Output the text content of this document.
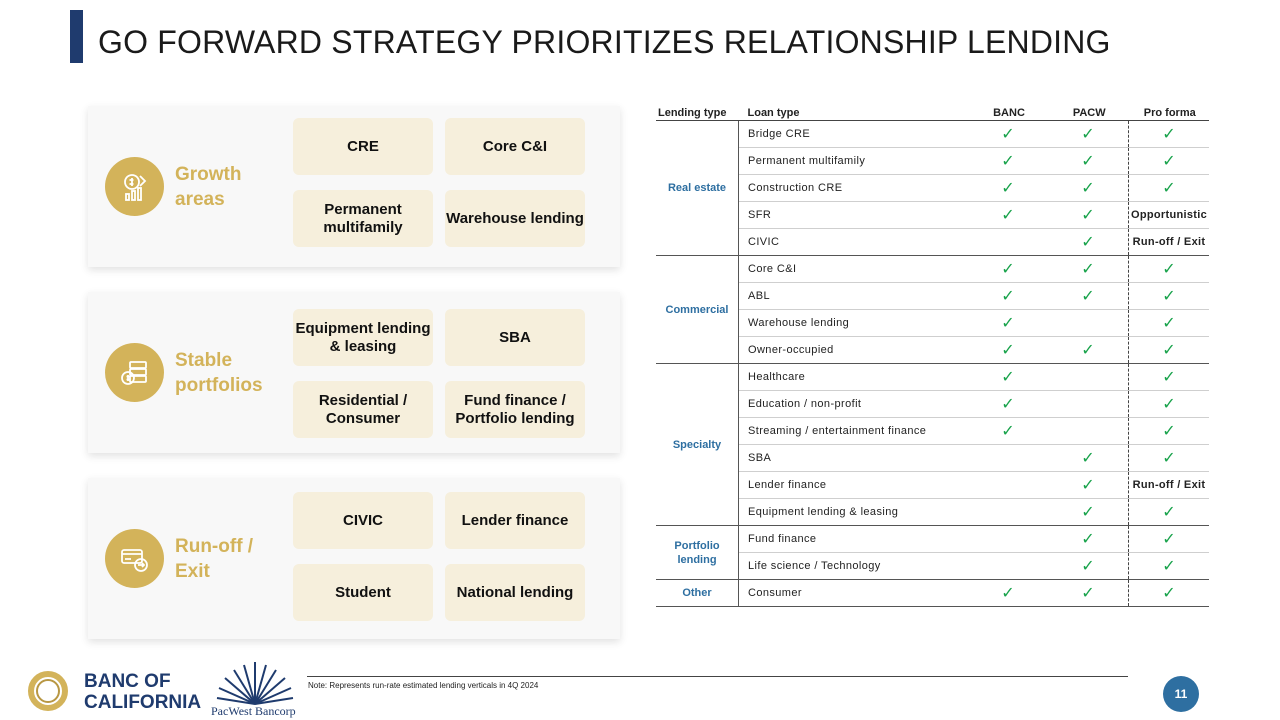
GO FORWARD STRATEGY PRIORITIZES RELATIONSHIP LENDING
Growth areas
CRE	Core C&I
Permanent multifamily
Warehouse lending
Stable portfolios
Equipment lending & leasing
SBA
Residential / Consumer
Fund finance / Portfolio lending
Run-off / Exit
CIVIC	Lender finance
Student	National lending
Lending type	Loan type	BANC	PACW	Pro forma
Real estate	Bridge CRE	✓	✓	✓
	Permanent multifamily	✓	✓	✓
	Construction CRE	✓	✓	✓
	SFR	✓	✓	Opportunistic
	CIVIC		✓	Run-off / Exit
Commercial	Core C&I	✓	✓	✓
	ABL	✓	✓	✓
	Warehouse lending	✓		✓
	Owner-occupied	✓	✓	✓
Specialty	Healthcare	✓		✓
	Education / non-profit	✓		✓
	Streaming / entertainment finance	✓		✓
	SBA		✓	✓
	Lender finance		✓	Run-off / Exit
	Equipment lending & leasing		✓	✓
Portfolio lending	Fund finance		✓	✓
	Life science / Technology		✓	✓
Other	Consumer	✓	✓	✓
BANC OF
CALIFORNIA PacWest Bancorp
Note: Represents run-rate estimated lending verticals in 4Q 2024
11
